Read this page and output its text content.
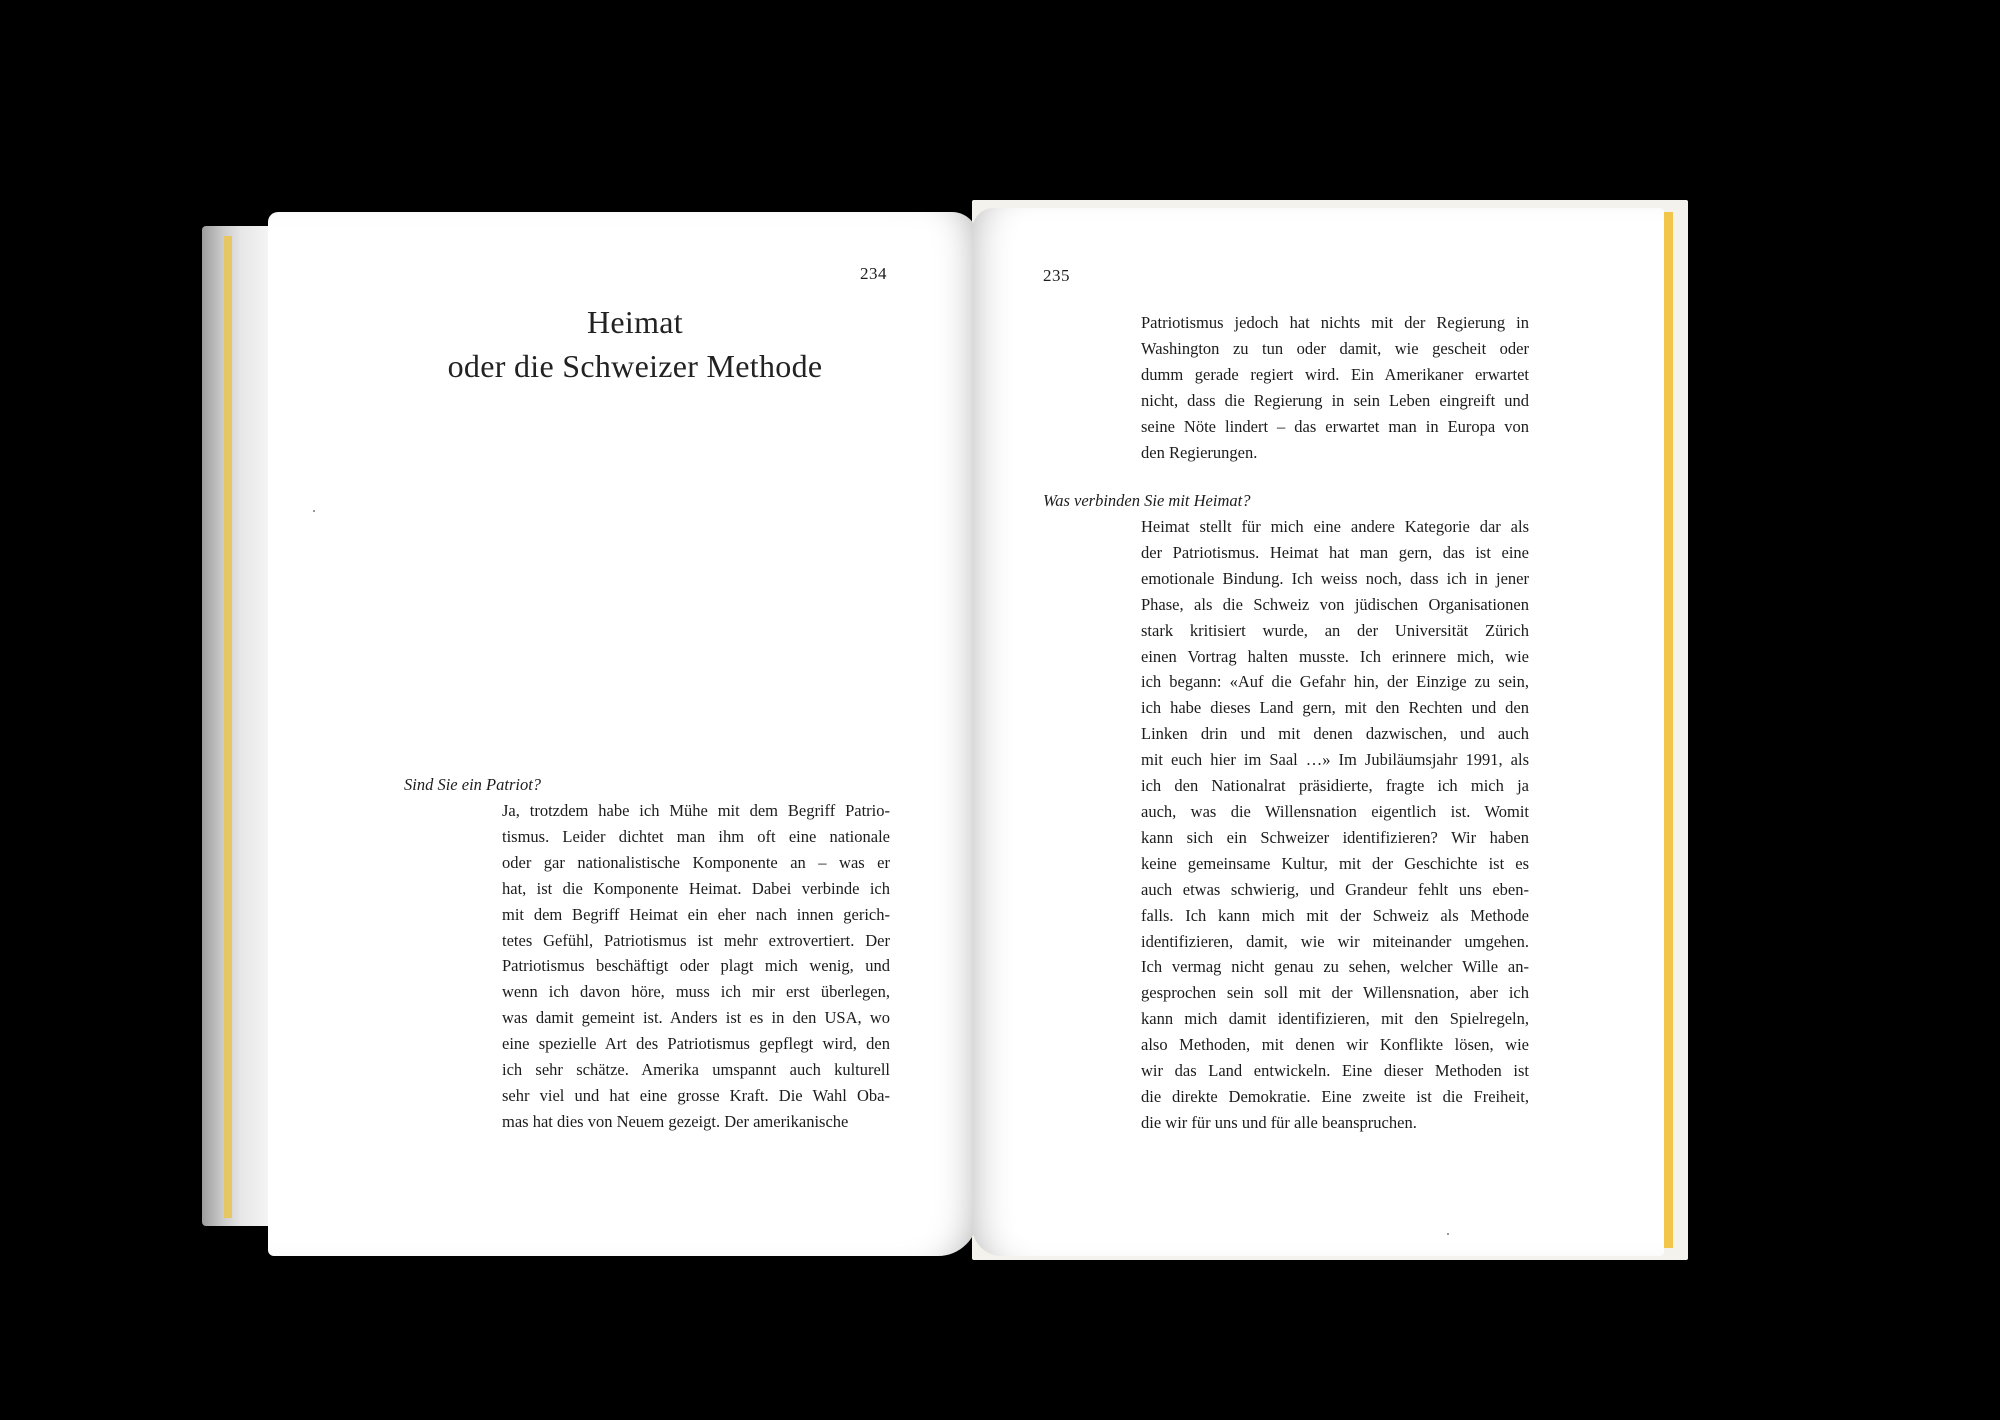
234
Heimat
oder die Schweizer Methode
Sind Sie ein Patriot?
Ja, trotzdem habe ich Mühe mit dem Begriff Patrio-
tismus. Leider dichtet man ihm oft eine nationale
oder gar nationalistische Komponente an – was er
hat, ist die Komponente Heimat. Dabei verbinde ich
mit dem Begriff Heimat ein eher nach innen gerich-
tetes Gefühl, Patriotismus ist mehr extrovertiert. Der
Patriotismus beschäftigt oder plagt mich wenig, und
wenn ich davon höre, muss ich mir erst überlegen,
was damit gemeint ist. Anders ist es in den USA, wo
eine spezielle Art des Patriotismus gepflegt wird, den
ich sehr schätze. Amerika umspannt auch kulturell
sehr viel und hat eine grosse Kraft. Die Wahl Oba-
mas hat dies von Neuem gezeigt. Der amerikanische
235
Patriotismus jedoch hat nichts mit der Regierung in
Washington zu tun oder damit, wie gescheit oder
dumm gerade regiert wird. Ein Amerikaner erwartet
nicht, dass die Regierung in sein Leben eingreift und
seine Nöte lindert – das erwartet man in Europa von
den Regierungen.
Was verbinden Sie mit Heimat?
Heimat stellt für mich eine andere Kategorie dar als
der Patriotismus. Heimat hat man gern, das ist eine
emotionale Bindung. Ich weiss noch, dass ich in jener
Phase, als die Schweiz von jüdischen Organisationen
stark kritisiert wurde, an der Universität Zürich
einen Vortrag halten musste. Ich erinnere mich, wie
ich begann: «Auf die Gefahr hin, der Einzige zu sein,
ich habe dieses Land gern, mit den Rechten und den
Linken drin und mit denen dazwischen, und auch
mit euch hier im Saal …» Im Jubiläumsjahr 1991, als
ich den Nationalrat präsidierte, fragte ich mich ja
auch, was die Willensnation eigentlich ist. Womit
kann sich ein Schweizer identifizieren? Wir haben
keine gemeinsame Kultur, mit der Geschichte ist es
auch etwas schwierig, und Grandeur fehlt uns eben-
falls. Ich kann mich mit der Schweiz als Methode
identifizieren, damit, wie wir miteinander umgehen.
Ich vermag nicht genau zu sehen, welcher Wille an-
gesprochen sein soll mit der Willensnation, aber ich
kann mich damit identifizieren, mit den Spielregeln,
also Methoden, mit denen wir Konflikte lösen, wie
wir das Land entwickeln. Eine dieser Methoden ist
die direkte Demokratie. Eine zweite ist die Freiheit,
die wir für uns und für alle beanspruchen.
